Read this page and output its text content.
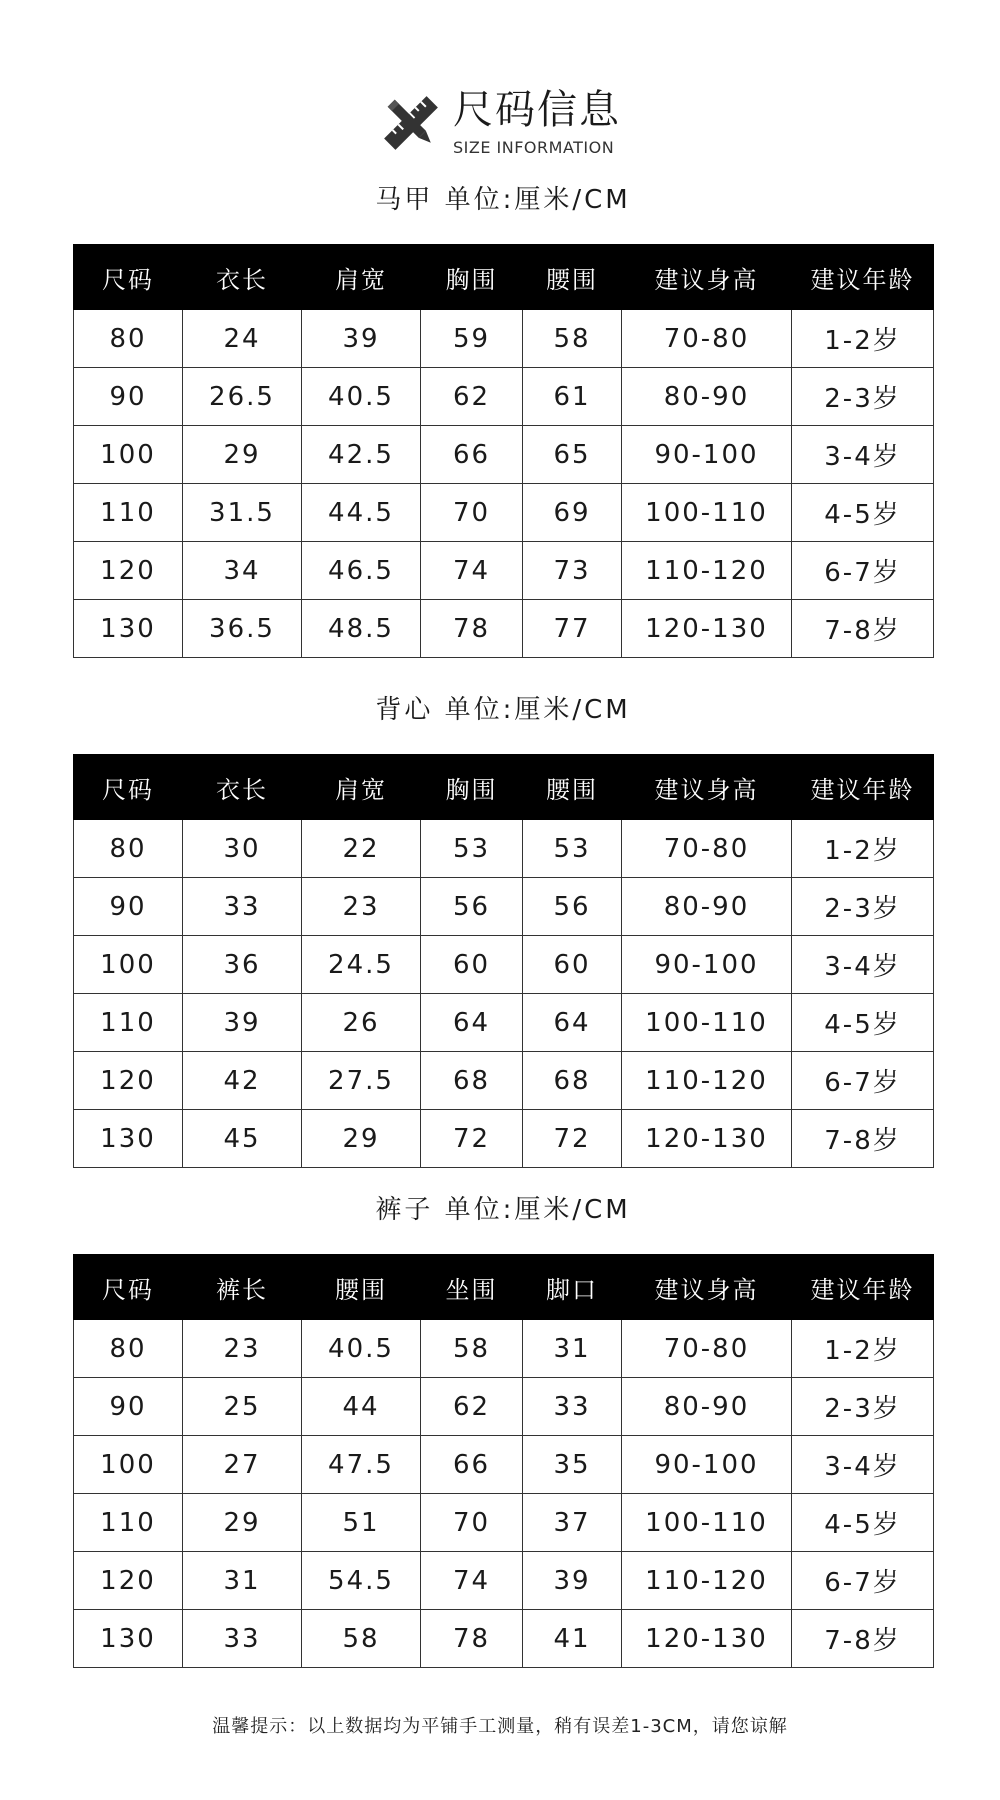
尺码信息
SIZE INFORMATION
马甲 单位:厘米/CM
尺码	衣长	肩宽	胸围	腰围	建议身高	建议年龄
80	24	39	59	58	70-80	1-2岁
90	26.5	40.5	62	61	80-90	2-3岁
100	29	42.5	66	65	90-100	3-4岁
110	31.5	44.5	70	69	100-110	4-5岁
120	34	46.5	74	73	110-120	6-7岁
130	36.5	48.5	78	77	120-130	7-8岁
背心 单位:厘米/CM
尺码	衣长	肩宽	胸围	腰围	建议身高	建议年龄
80	30	22	53	53	70-80	1-2岁
90	33	23	56	56	80-90	2-3岁
100	36	24.5	60	60	90-100	3-4岁
110	39	26	64	64	100-110	4-5岁
120	42	27.5	68	68	110-120	6-7岁
130	45	29	72	72	120-130	7-8岁
裤子 单位:厘米/CM
尺码	裤长	腰围	坐围	脚口	建议身高	建议年龄
80	23	40.5	58	31	70-80	1-2岁
90	25	44	62	33	80-90	2-3岁
100	27	47.5	66	35	90-100	3-4岁
110	29	51	70	37	100-110	4-5岁
120	31	54.5	74	39	110-120	6-7岁
130	33	58	78	41	120-130	7-8岁
温馨提示：以上数据均为平铺手工测量，稍有误差1-3CM，请您谅解
